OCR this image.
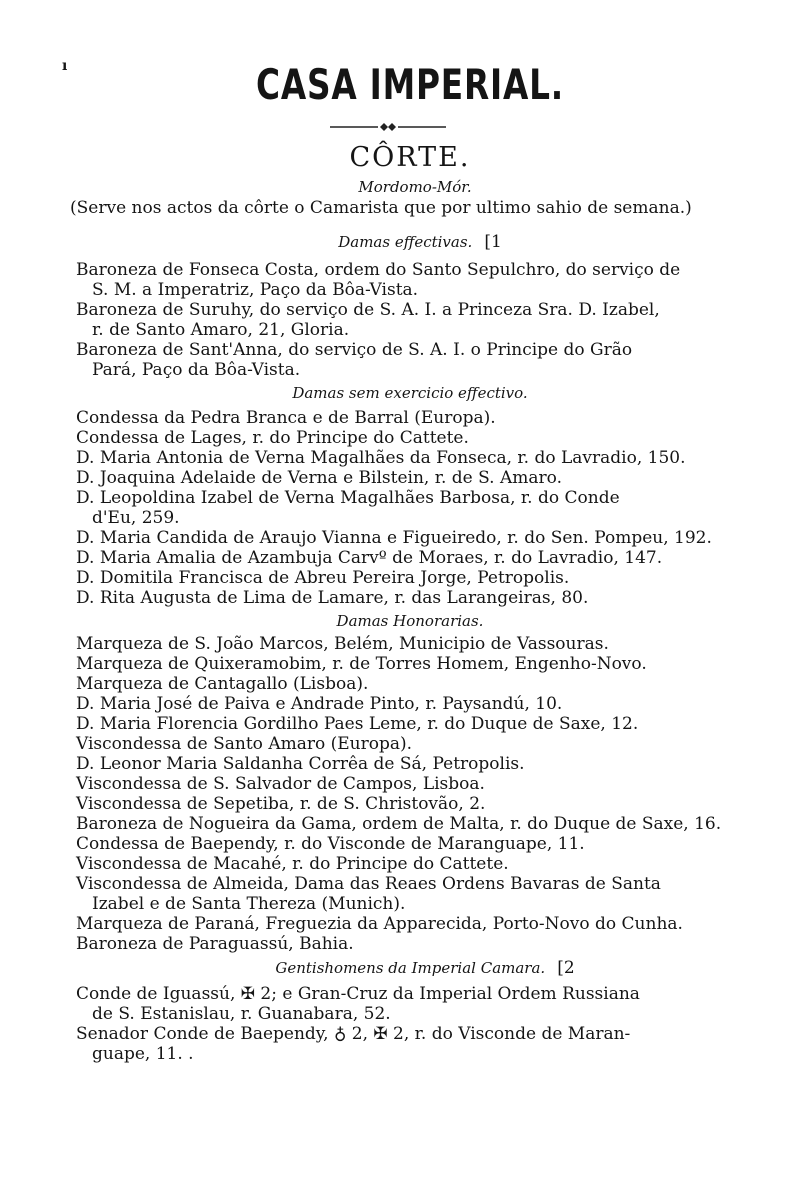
ı	CASA IMPERIAL.
CÔRTE.
Mordomo-Mór.
(Serve nos actos da côrte o Camarista que por ultimo sahio de semana.)
Damas effectivas. [1
Baroneza de Fonseca Costa, ordem do Santo Sepulchro, do serviço de
S. M. a Imperatriz, Paço da Bôa-Vista.
Baroneza de Suruhy, do serviço de S. A. I. a Princeza Sra. D. Izabel,
r. de Santo Amaro, 21, Gloria.
Baroneza de Sant'Anna, do serviço de S. A. I. o Principe do Grão
Pará, Paço da Bôa-Vista.
Damas sem exercicio effectivo.
Condessa da Pedra Branca e de Barral (Europa).
Condessa de Lages, r. do Principe do Cattete.
D. Maria Antonia de Verna Magalhães da Fonseca, r. do Lavradio, 150.
D. Joaquina Adelaide de Verna e Bilstein, r. de S. Amaro.
D. Leopoldina Izabel de Verna Magalhães Barbosa, r. do Conde
d'Eu, 259.
D. Maria Candida de Araujo Vianna e Figueiredo, r. do Sen. Pompeu, 192.
D. Maria Amalia de Azambuja Carvº de Moraes, r. do Lavradio, 147.
D. Domitila Francisca de Abreu Pereira Jorge, Petropolis.
D. Rita Augusta de Lima de Lamare, r. das Larangeiras, 80.
Damas Honorarias.
Marqueza de S. João Marcos, Belém, Municipio de Vassouras.
Marqueza de Quixeramobim, r. de Torres Homem, Engenho-Novo.
Marqueza de Cantagallo (Lisboa).
D. Maria José de Paiva e Andrade Pinto, r. Paysandú, 10.
D. Maria Florencia Gordilho Paes Leme, r. do Duque de Saxe, 12.
Viscondessa de Santo Amaro (Europa).
D. Leonor Maria Saldanha Corrêa de Sá, Petropolis.
Viscondessa de S. Salvador de Campos, Lisboa.
Viscondessa de Sepetiba, r. de S. Christovão, 2.
Baroneza de Nogueira da Gama, ordem de Malta, r. do Duque de Saxe, 16.
Condessa de Baependy, r. do Visconde de Maranguape, 11.
Viscondessa de Macahé, r. do Principe do Cattete.
Viscondessa de Almeida, Dama das Reaes Ordens Bavaras de Santa
Izabel e de Santa Thereza (Munich).
Marqueza de Paraná, Freguezia da Apparecida, Porto-Novo do Cunha.
Baroneza de Paraguassú, Bahia.
Gentishomens da Imperial Camara. [2
Conde de Iguassú, ✠ 2; e Gran-Cruz da Imperial Ordem Russiana
de S. Estanislau, r. Guanabara, 52.
Senador Conde de Baependy, ♁ 2, ✠ 2, r. do Visconde de Maran-
guape, 11. .
